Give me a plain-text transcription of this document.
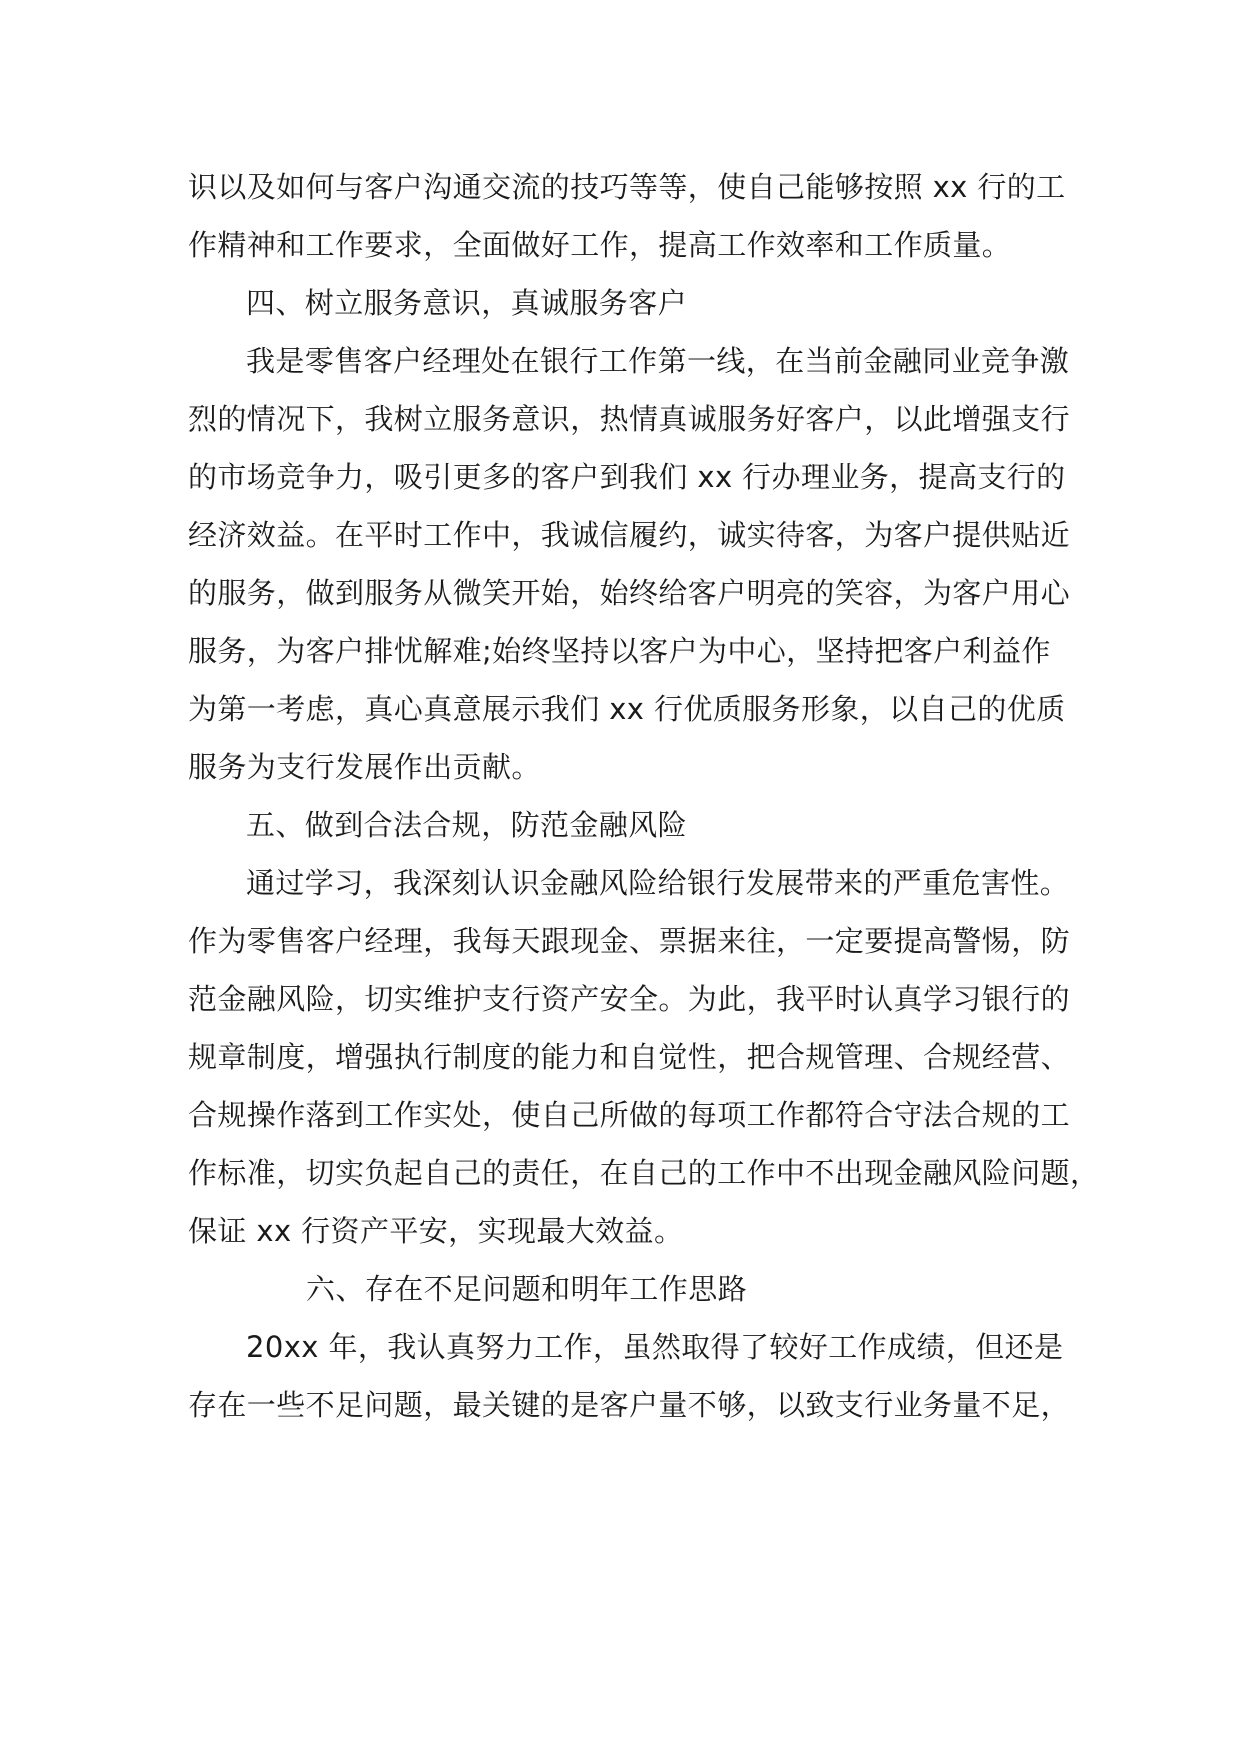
识以及如何与客户沟通交流的技巧等等，使自己能够按照 xx 行的工
作精神和工作要求，全面做好工作，提高工作效率和工作质量。
四、树立服务意识，真诚服务客户
我是零售客户经理处在银行工作第一线，在当前金融同业竞争激
烈的情况下，我树立服务意识，热情真诚服务好客户，以此增强支行
的市场竞争力，吸引更多的客户到我们 xx 行办理业务，提高支行的
经济效益。在平时工作中，我诚信履约，诚实待客，为客户提供贴近
的服务，做到服务从微笑开始，始终给客户明亮的笑容，为客户用心
服务，为客户排忧解难;始终坚持以客户为中心，坚持把客户利益作
为第一考虑，真心真意展示我们 xx 行优质服务形象，以自己的优质
服务为支行发展作出贡献。
五、做到合法合规，防范金融风险
通过学习，我深刻认识金融风险给银行发展带来的严重危害性。
作为零售客户经理，我每天跟现金、票据来往，一定要提高警惕，防
范金融风险，切实维护支行资产安全。为此，我平时认真学习银行的
规章制度，增强执行制度的能力和自觉性，把合规管理、合规经营、
合规操作落到工作实处，使自己所做的每项工作都符合守法合规的工
作标准，切实负起自己的责任，在自己的工作中不出现金融风险问题，
保证 xx 行资产平安，实现最大效益。
六、存在不足问题和明年工作思路
20xx 年，我认真努力工作，虽然取得了较好工作成绩，但还是
存在一些不足问题，最关键的是客户量不够，以致支行业务量不足，
